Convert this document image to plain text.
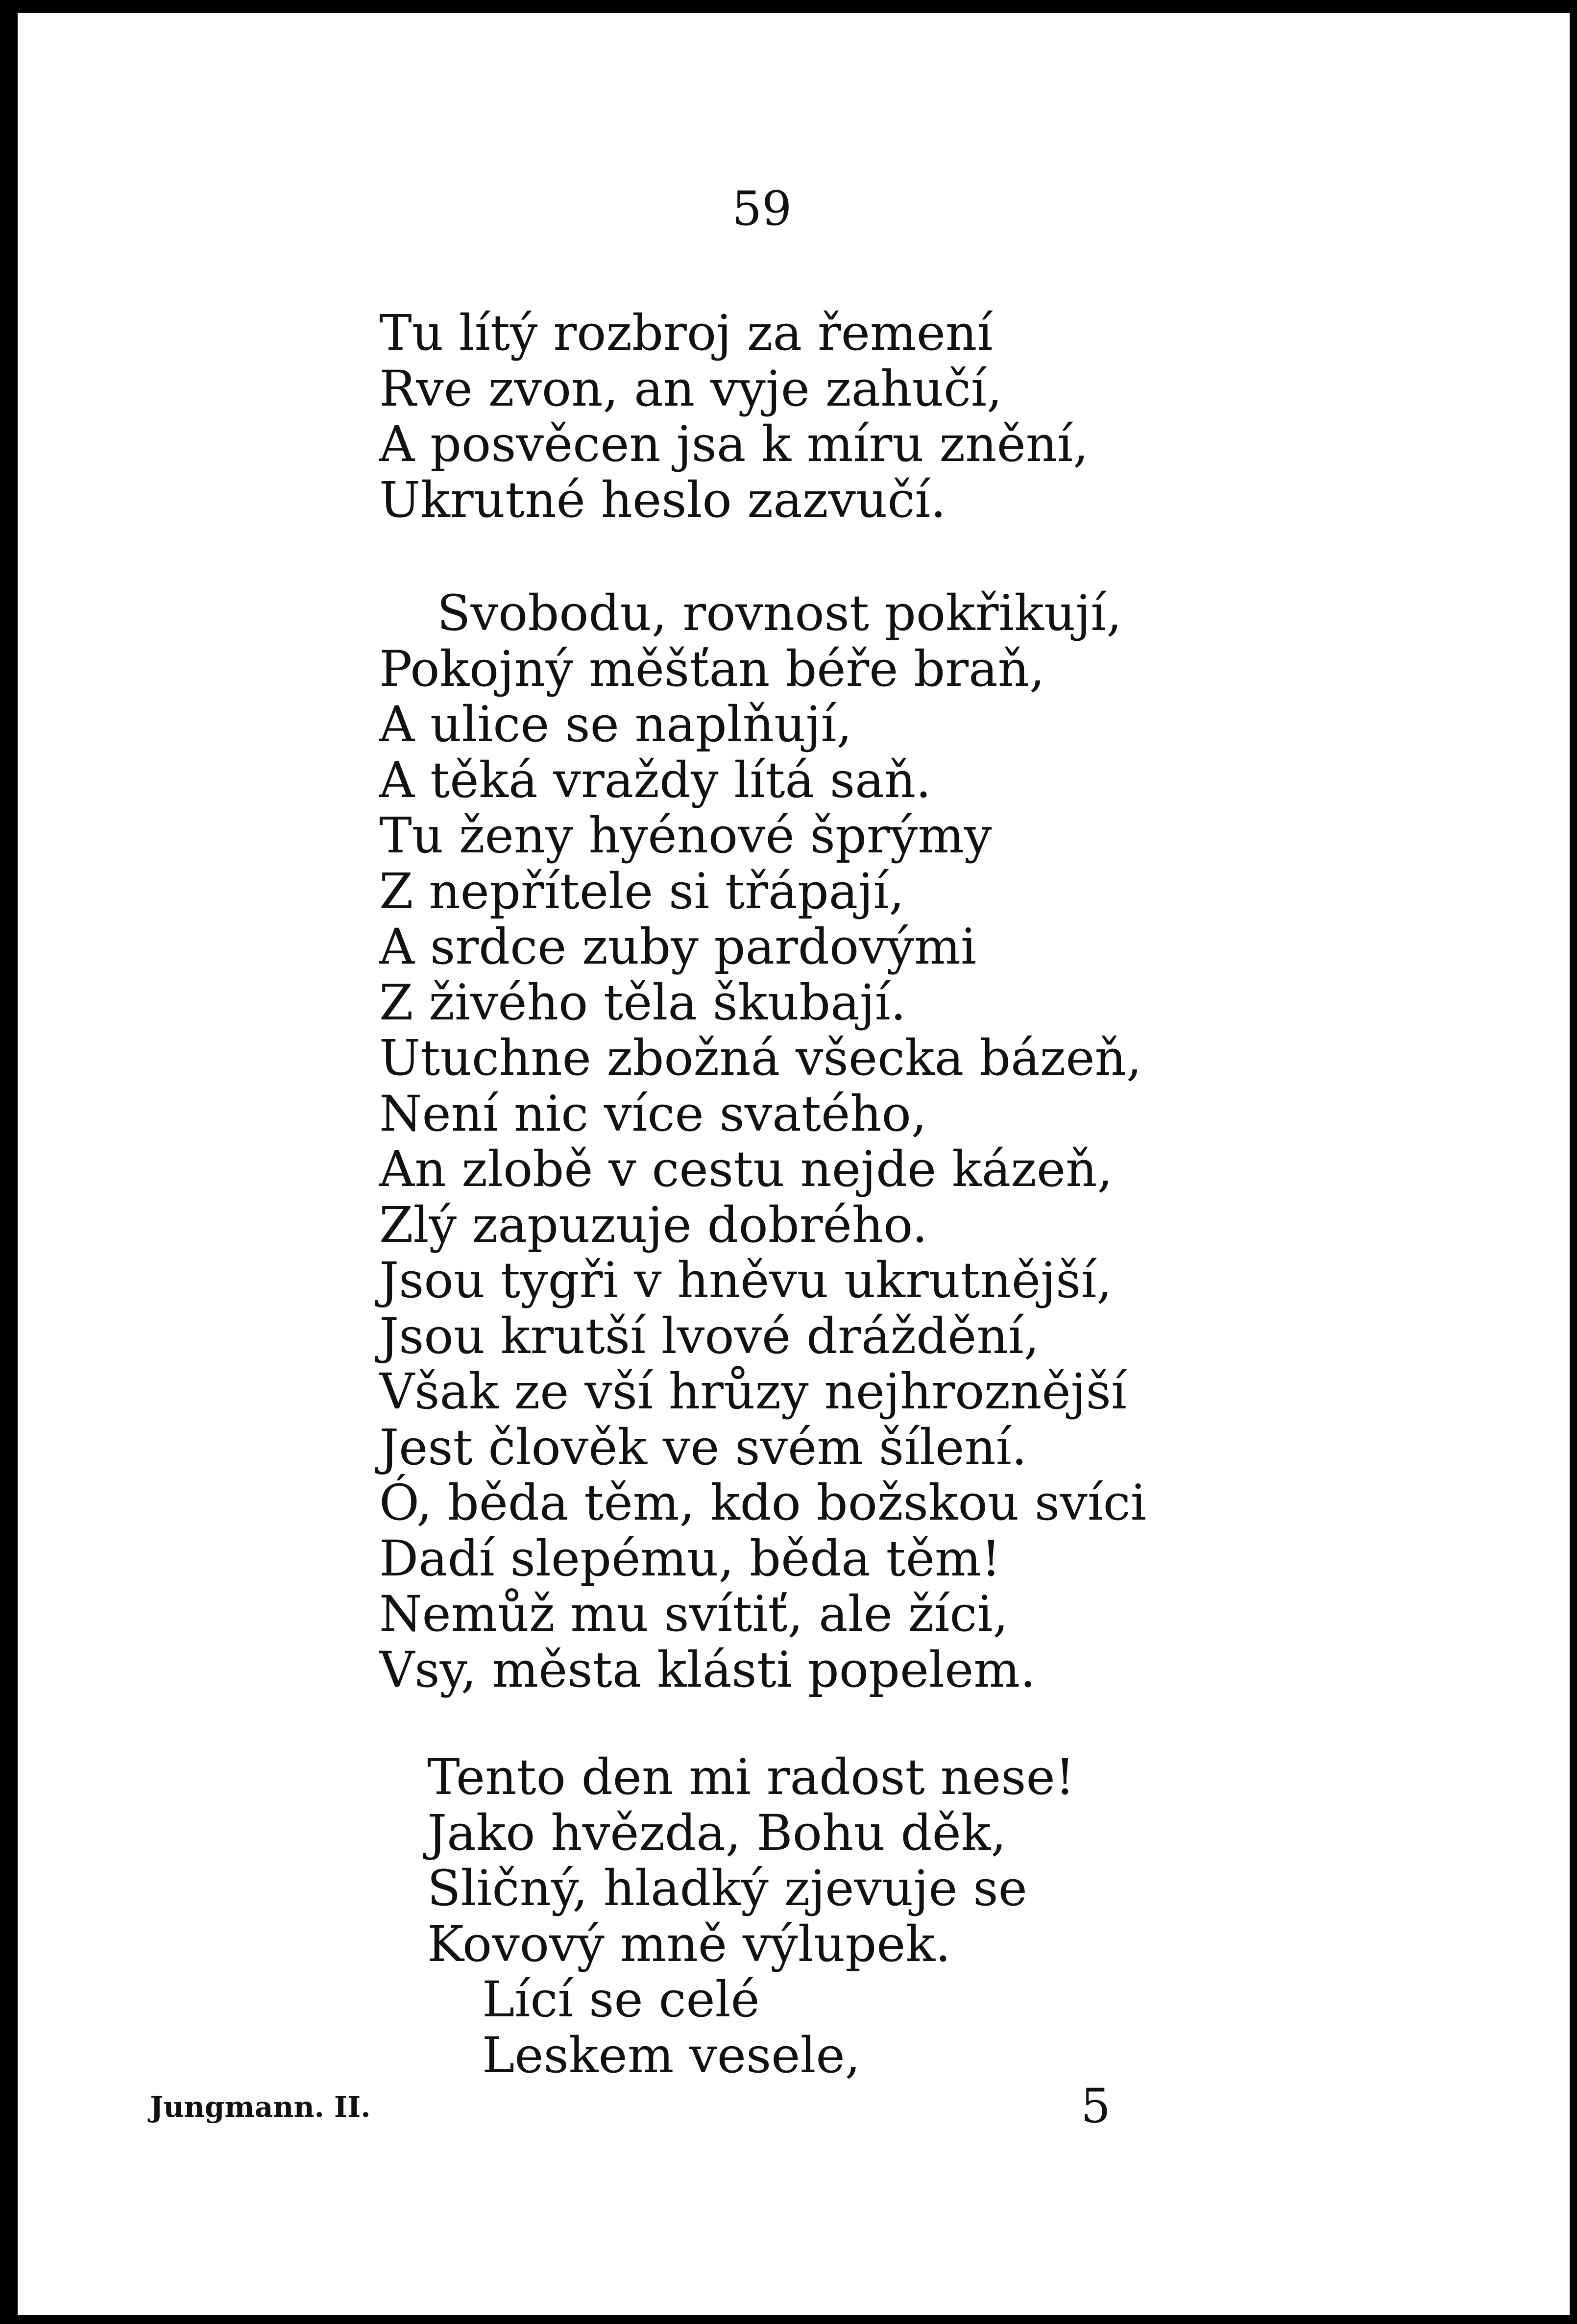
59

Tu lítý rozbroj za řemení
Rve zvon, an vyje zahučí,
A posvěcen jsa k míru znění,
Ukrutné heslo zazvučí.
Svobodu, rovnost pokřikují,
Pokojný měšťan béře braň,
A ulice se naplňují,
A těká vraždy lítá saň.
Tu ženy hyénové šprýmy
Z nepřítele si třápají,
A srdce zuby pardovými
Z živého těla škubají.
Utuchne zbožná všecka bázeň,
Není nic více svatého,
An zlobě v cestu nejde kázeň,
Zlý zapuzuje dobrého.
Jsou tygři v hněvu ukrutnější,
Jsou krutší lvové dráždění,
Však ze vší hrůzy nejhroznější
Jest člověk ve svém šílení.
Ó, běda těm, kdo božskou svíci
Dadí slepému, běda těm!
Nemůž mu svítiť, ale žíci,
Vsy, města klásti popelem.
Tento den mi radost nese!
Jako hvězda, Bohu děk,
Sličný, hladký zjevuje se
Kovový mně výlupek.
Lící se celé
Leskem vesele,

Jungmann. II.	5
